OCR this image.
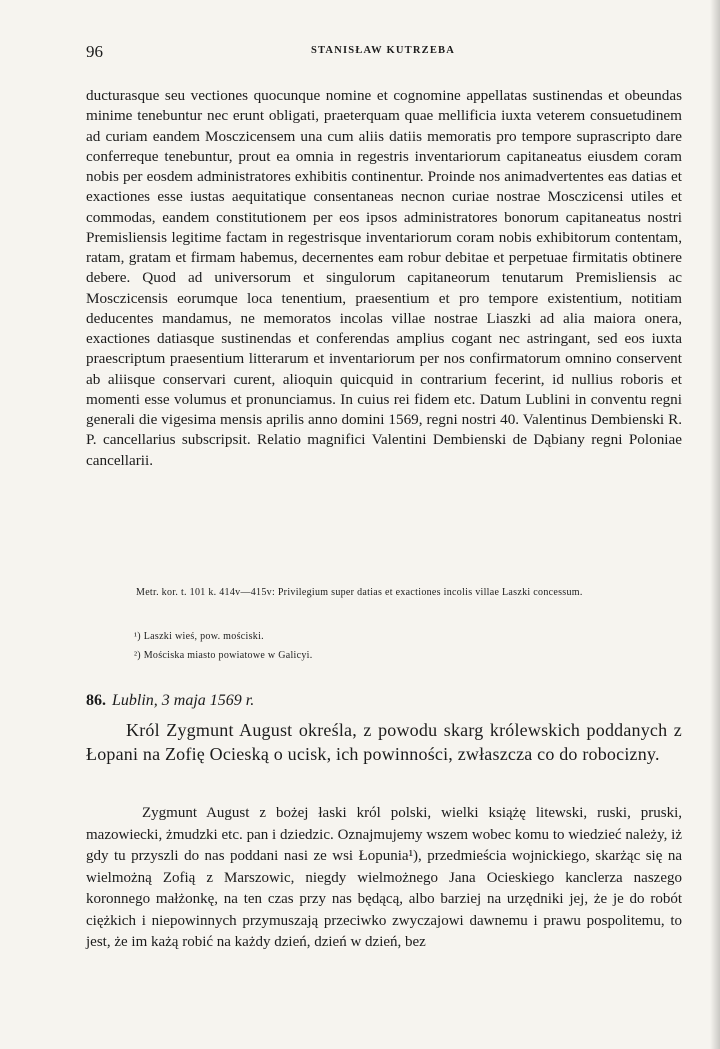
96	STANISŁAW KUTRZEBA

ducturasque seu vectiones quocunque nomine et cognomine appellatas sustinendas et obeundas minime tenebuntur nec erunt obligati, praeterquam quae mellificia iuxta veterem consuetudinem ad curiam eandem Mosczicensem una cum aliis datiis memoratis pro tempore suprascripto dare conferreque tenebuntur, prout ea omnia in regestris inventariorum capitaneatus eiusdem coram nobis per eosdem administratores exhibitis continentur. Proinde nos animadvertentes eas datias et exactiones esse iustas aequitatique consentaneas necnon curiae nostrae Mosczicensi utiles et commodas, eandem constitutionem per eos ipsos administratores bonorum capitaneatus nostri Premisliensis legitime factam in regestrisque inventariorum coram nobis exhibitorum contentam, ratam, gratam et firmam habemus, decernentes eam robur debitae et perpetuae firmitatis obtinere debere. Quod ad universorum et singulorum capitaneorum tenutarum Premisliensis ac Mosczicensis eorumque loca tenentium, praesentium et pro tempore existentium, notitiam deducentes mandamus, ne memoratos incolas villae nostrae Liaszki ad alia maiora onera, exactiones datiasque sustinendas et conferendas amplius cogant nec astringant, sed eos iuxta praescriptum praesentium litterarum et inventariorum per nos confirmatorum omnino conservent ab aliisque conservari curent, alioquin quicquid in contrarium fecerint, id nullius roboris et momenti esse volumus et pronunciamus. In cuius rei fidem etc. Datum Lublini in conventu regni generali die vigesima mensis aprilis anno domini 1569, regni nostri 40. Valentinus Dembienski R. P. cancellarius subscripsit. Relatio magnifici Valentini Dembienski de Dąbiany regni Poloniae cancellarii.

Metr. kor. t. 101 k. 414v—415v: Privilegium super datias et exactiones incolis villae Laszki concessum.
¹) Laszki wieś, pow. mościski.
²) Mościska miasto powiatowe w Galicyi.
86. Lublin, 3 maja 1569 r.
Król Zygmunt August określa, z powodu skarg królewskich poddanych z Łopani na Zofię Ocieską o ucisk, ich powinności, zwłaszcza co do robocizny.
Zygmunt August z bożej łaski król polski, wielki książę litewski, ruski, pruski, mazowiecki, żmudzki etc. pan i dziedzic. Oznajmujemy wszem wobec komu to wiedzieć należy, iż gdy tu przyszli do nas poddani nasi ze wsi Łopunia¹), przedmieścia wojnickiego, skarżąc się na wielmożną Zofią z Marszowic, niegdy wielmożnego Jana Ocieskiego kanclerza naszego koronnego małżonkę, na ten czas przy nas będącą, albo barziej na urzędniki jej, że je do robót ciężkich i niepowinnych przymuszają przeciwko zwyczajowi dawnemu i prawu pospolitemu, to jest, że im każą robić na każdy dzień, dzień w dzień, bez
